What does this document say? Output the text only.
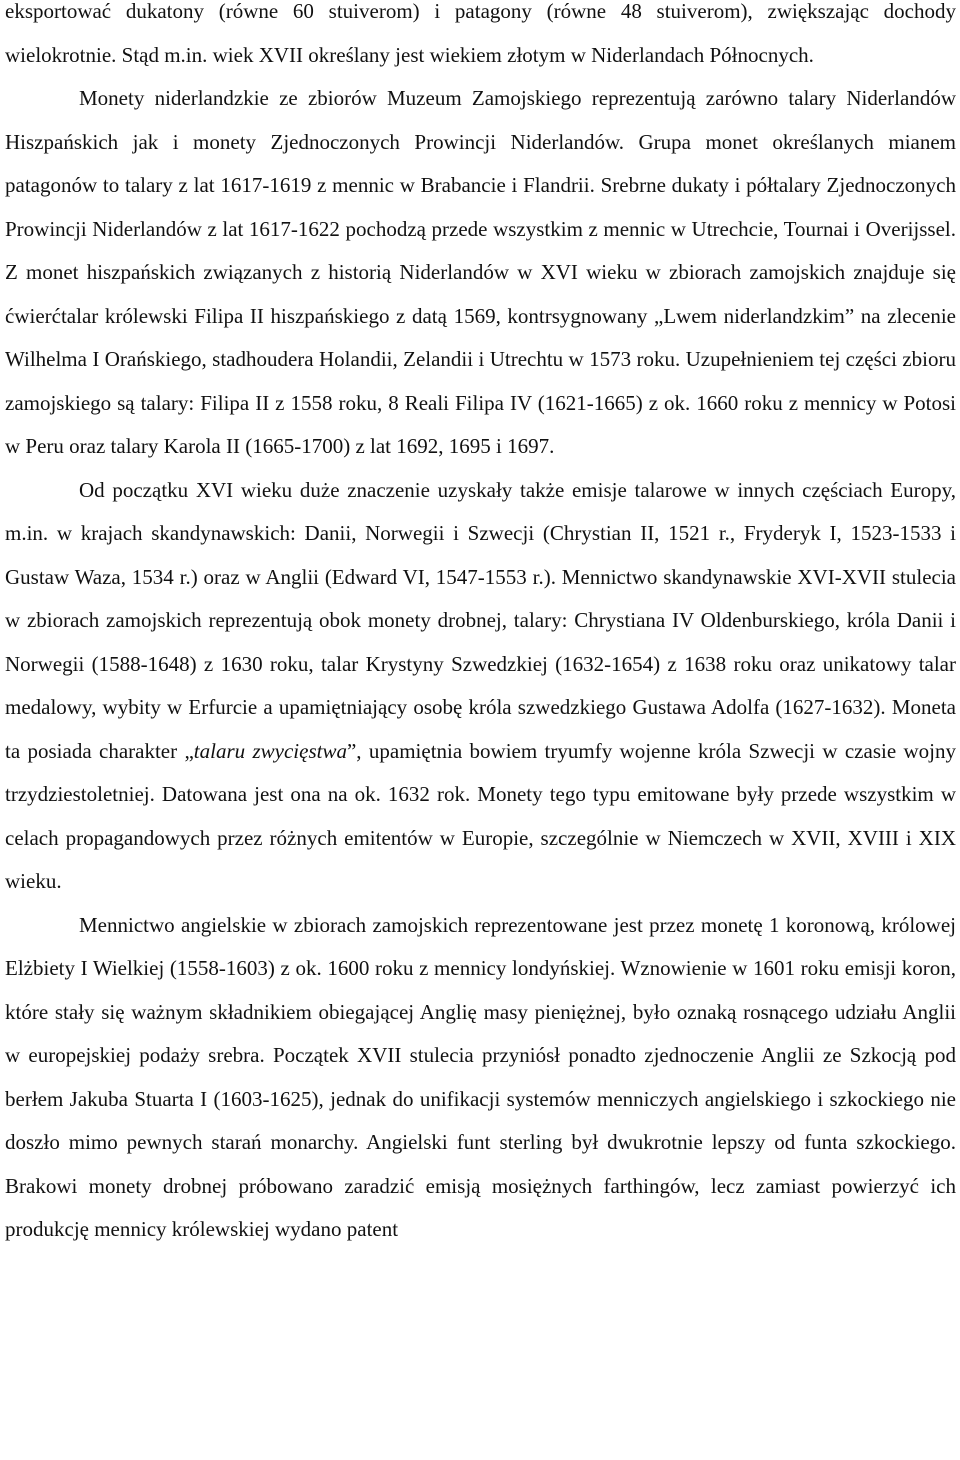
eksportować dukatony (równe 60 stuiverom) i patagony (równe 48 stuiverom), zwiększając dochody wielokrotnie. Stąd m.in. wiek XVII określany jest wiekiem złotym w Niderlandach Północnych.

Monety niderlandzkie ze zbiorów Muzeum Zamojskiego reprezentują zarówno talary Niderlandów Hiszpańskich jak i monety Zjednoczonych Prowincji Niderlandów. Grupa monet określanych mianem patagonów to talary z lat 1617-1619 z mennic w Brabancie i Flandrii. Srebrne dukaty i półtalary Zjednoczonych Prowincji Niderlandów z lat 1617-1622 pochodzą przede wszystkim z mennic w Utrechcie, Tournai i Overijssel. Z monet hiszpańskich związanych z historią Niderlandów w XVI wieku w zbiorach zamojskich znajduje się ćwierćtalar królewski Filipa II hiszpańskiego z datą 1569, kontrsygnowany „Lwem niderlandzkim” na zlecenie Wilhelma I Orańskiego, stadhoudera Holandii, Zelandii i Utrechtu w 1573 roku. Uzupełnieniem tej części zbioru zamojskiego są talary: Filipa II z 1558 roku, 8 Reali Filipa IV (1621-1665) z ok. 1660 roku z mennicy w Potosi w Peru oraz talary Karola II (1665-1700) z lat 1692, 1695 i 1697.

Od początku XVI wieku duże znaczenie uzyskały także emisje talarowe w innych częściach Europy, m.in. w krajach skandynawskich: Danii, Norwegii i Szwecji (Chrystian II, 1521 r., Fryderyk I, 1523-1533 i Gustaw Waza, 1534 r.) oraz w Anglii (Edward VI, 1547-1553 r.). Mennictwo skandynawskie XVI-XVII stulecia w zbiorach zamojskich reprezentują obok monety drobnej, talary: Chrystiana IV Oldenburskiego, króla Danii i Norwegii (1588-1648) z 1630 roku, talar Krystyny Szwedzkiej (1632-1654) z 1638 roku oraz unikatowy talar medalowy, wybity w Erfurcie a upamiętniający osobę króla szwedzkiego Gustawa Adolfa (1627-1632). Moneta ta posiada charakter „talaru zwycięstwa”, upamiętnia bowiem tryumfy wojenne króla Szwecji w czasie wojny trzydziestoletniej. Datowana jest ona na ok. 1632 rok. Monety tego typu emitowane były przede wszystkim w celach propagandowych przez różnych emitentów w Europie, szczególnie w Niemczech w XVII, XVIII i XIX wieku.

Mennictwo angielskie w zbiorach zamojskich reprezentowane jest przez monetę 1 koronową, królowej Elżbiety I Wielkiej (1558-1603) z ok. 1600 roku z mennicy londyńskiej. Wznowienie w 1601 roku emisji koron, które stały się ważnym składnikiem obiegającej Anglię masy pieniężnej, było oznaką rosnącego udziału Anglii w europejskiej podaży srebra. Początek XVII stulecia przyniósł ponadto zjednoczenie Anglii ze Szkocją pod berłem Jakuba Stuarta I (1603-1625), jednak do unifikacji systemów menniczych angielskiego i szkockiego nie doszło mimo pewnych starań monarchy. Angielski funt sterling był dwukrotnie lepszy od funta szkockiego. Brakowi monety drobnej próbowano zaradzić emisją mosiężnych farthingów, lecz zamiast powierzyć ich produkcję mennicy królewskiej wydano patent
